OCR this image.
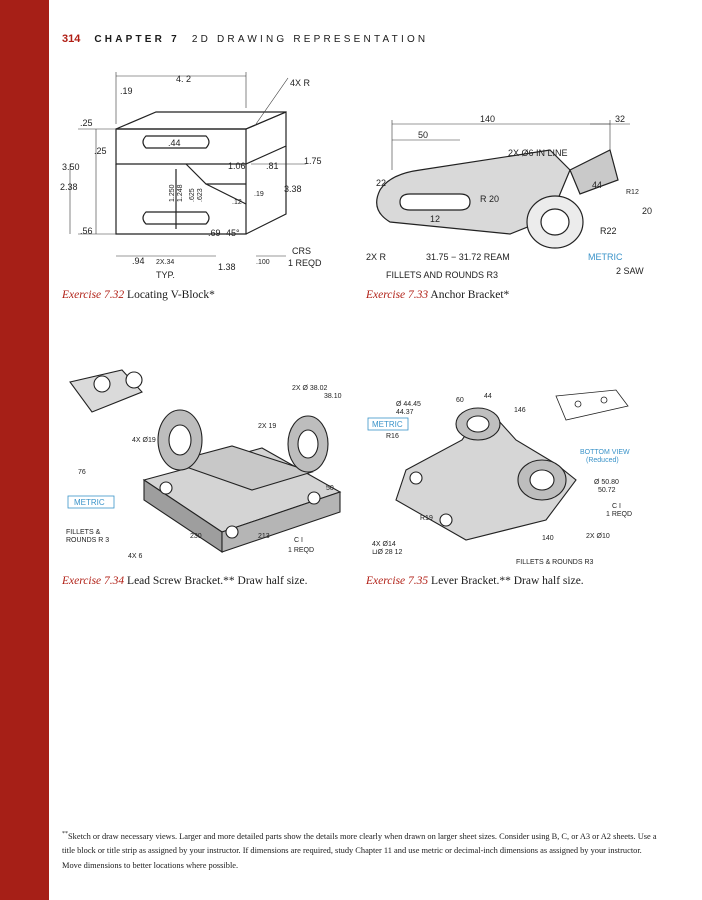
314 CHAPTER 7 2D DRAWING REPRESENTATION
4. 2
.19
4X R
.25
.44
.25
3.50
2.38
.56
1.06 .81	1.75
3.38
.19
.12
.69 45°
.94 2X.34	1.38	.100
CRS
1 REQD
TYP.
1.250 1.248 .625 .623
Exercise 7.32 Locating V-Block*
140	32
50
2X Ø6 IN LINE
22
R 20
R12
12
20
44
R22
2X R	31.75 − 31.72 REAM	METRIC
2 SAW
FILLETS AND ROUNDS R3
Exercise 7.33 Anchor Bracket*
2X Ø 38.02
38.10
4X Ø19
2X 19
FILLETS &
ROUNDS R 3	C I
1 REQD
4X 6
213
230
50
76
METRIC
Exercise 7.34 Lead Screw Bracket.** Draw half size.
Ø 44.45
44.37	146
60
44
BOTTOM VIEW
(Reduced)
Ø 50.80
50.72
C I
1 REQD
2X Ø10
4X Ø14
⊔Ø 28 12
FILLETS & ROUNDS R3
R16
R19
140
METRIC
Exercise 7.35 Lever Bracket.** Draw half size.
**Sketch or draw necessary views. Larger and more detailed parts show the details more clearly when drawn on larger sheet sizes. Consider using B, C, or A3 or A2 sheets. Use a title block or title strip as assigned by your instructor. If dimensions are required, study Chapter 11 and use metric or decimal-inch dimensions as assigned by your instructor. Move dimensions to better locations where possible.
